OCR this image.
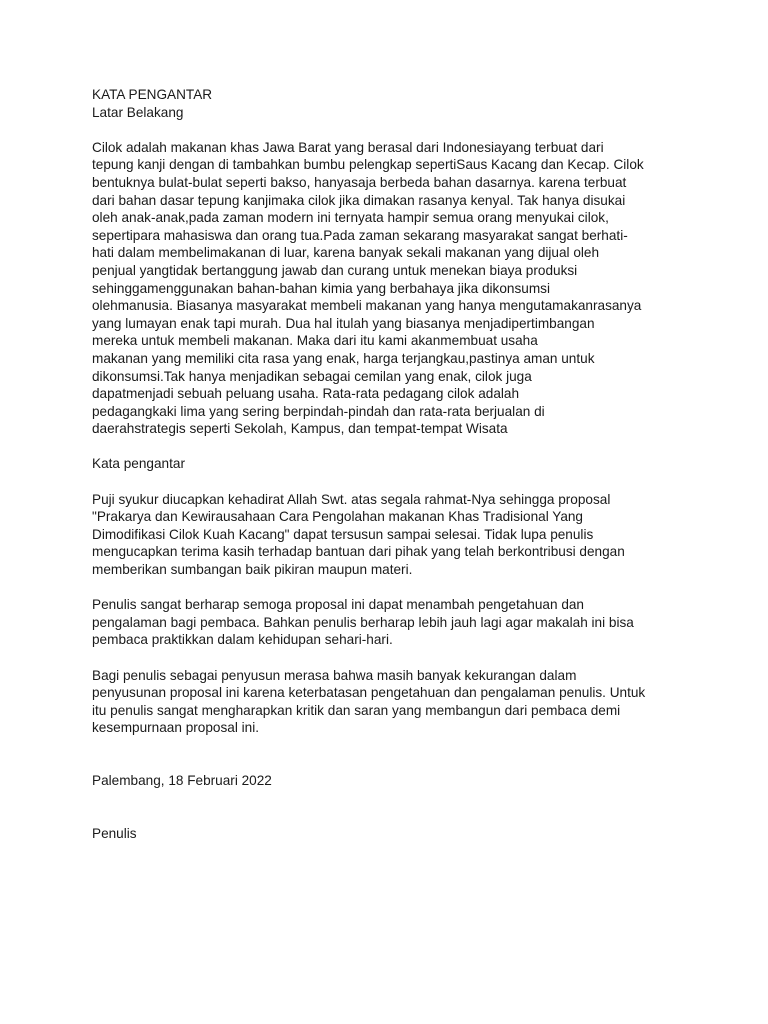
KATA PENGANTAR
Latar Belakang
Cilok adalah makanan khas Jawa Barat yang berasal dari Indonesiayang terbuat dari
tepung kanji dengan di tambahkan bumbu pelengkap sepertiSaus Kacang dan Kecap. Cilok
bentuknya bulat-bulat seperti bakso, hanyasaja berbeda bahan dasarnya. karena terbuat
dari bahan dasar tepung kanjimaka cilok jika dimakan rasanya kenyal. Tak hanya disukai
oleh anak-anak,pada zaman modern ini ternyata hampir semua orang menyukai cilok,
sepertipara mahasiswa dan orang tua.Pada zaman sekarang masyarakat sangat berhati-
hati dalam membelimakanan di luar, karena banyak sekali makanan yang dijual oleh
penjual yangtidak bertanggung jawab dan curang untuk menekan biaya produksi
sehinggamenggunakan bahan-bahan kimia yang berbahaya jika dikonsumsi
olehmanusia. Biasanya masyarakat membeli makanan yang hanya mengutamakanrasanya
yang lumayan enak tapi murah. Dua hal itulah yang biasanya menjadipertimbangan
mereka untuk membeli makanan. Maka dari itu kami akanmembuat usaha
makanan yang memiliki cita rasa yang enak, harga terjangkau,pastinya aman untuk
dikonsumsi.Tak hanya menjadikan sebagai cemilan yang enak, cilok juga
dapatmenjadi sebuah peluang usaha. Rata-rata pedagang cilok adalah
pedagangkaki lima yang sering berpindah-pindah dan rata-rata berjualan di
daerahstrategis seperti Sekolah, Kampus, dan tempat-tempat Wisata
Kata pengantar
Puji syukur diucapkan kehadirat Allah Swt. atas segala rahmat-Nya sehingga proposal
"Prakarya dan Kewirausahaan Cara Pengolahan makanan Khas Tradisional Yang
Dimodifikasi Cilok Kuah Kacang" dapat tersusun sampai selesai. Tidak lupa penulis
mengucapkan terima kasih terhadap bantuan dari pihak yang telah berkontribusi dengan
memberikan sumbangan baik pikiran maupun materi.
Penulis sangat berharap semoga proposal ini dapat menambah pengetahuan dan
pengalaman bagi pembaca. Bahkan penulis berharap lebih jauh lagi agar makalah ini bisa
pembaca praktikkan dalam kehidupan sehari-hari.
Bagi penulis sebagai penyusun merasa bahwa masih banyak kekurangan dalam
penyusunan proposal ini karena keterbatasan pengetahuan dan pengalaman penulis. Untuk
itu penulis sangat mengharapkan kritik dan saran yang membangun dari pembaca demi
kesempurnaan proposal ini.
Palembang, 18 Februari 2022
Penulis
